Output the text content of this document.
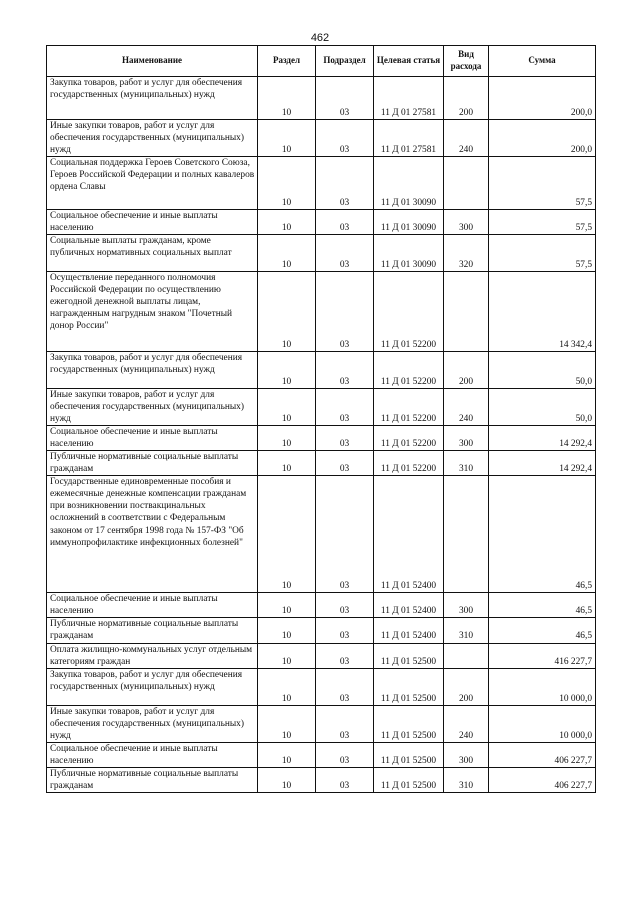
462
Наименование	Раздел	Подраздел	Целевая статья	Вид расхода	Сумма
Закупка товаров, работ и услуг для обеспечения государственных (муниципальных) нужд	10	03	11 Д 01 27581	200	200,0
Иные закупки товаров, работ и услуг для обеспечения государственных (муниципальных) нужд	10	03	11 Д 01 27581	240	200,0
Социальная поддержка Героев Советского Союза, Героев Российской Федерации и полных кавалеров ордена Славы	10	03	11 Д 01 30090		57,5
Социальное обеспечение и иные выплаты населению	10	03	11 Д 01 30090	300	57,5
Социальные выплаты гражданам, кроме публичных нормативных социальных выплат	10	03	11 Д 01 30090	320	57,5
Осуществление переданного полномочия Российской Федерации по осуществлению ежегодной денежной выплаты лицам, награжденным нагрудным знаком "Почетный донор России"	10	03	11 Д 01 52200		14 342,4
Закупка товаров, работ и услуг для обеспечения государственных (муниципальных) нужд	10	03	11 Д 01 52200	200	50,0
Иные закупки товаров, работ и услуг для обеспечения государственных (муниципальных) нужд	10	03	11 Д 01 52200	240	50,0
Социальное обеспечение и иные выплаты населению	10	03	11 Д 01 52200	300	14 292,4
Публичные нормативные социальные выплаты гражданам	10	03	11 Д 01 52200	310	14 292,4
Государственные единовременные пособия и ежемесячные денежные компенсации гражданам при возникновении поствакцинальных осложнений в соответствии с Федеральным законом от 17 сентября 1998 года № 157-ФЗ "Об иммунопрофилактике инфекционных болезней"	10	03	11 Д 01 52400		46,5
Социальное обеспечение и иные выплаты населению	10	03	11 Д 01 52400	300	46,5
Публичные нормативные социальные выплаты гражданам	10	03	11 Д 01 52400	310	46,5
Оплата жилищно-коммунальных услуг отдельным категориям граждан	10	03	11 Д 01 52500		416 227,7
Закупка товаров, работ и услуг для обеспечения государственных (муниципальных) нужд	10	03	11 Д 01 52500	200	10 000,0
Иные закупки товаров, работ и услуг для обеспечения государственных (муниципальных) нужд	10	03	11 Д 01 52500	240	10 000,0
Социальное обеспечение и иные выплаты населению	10	03	11 Д 01 52500	300	406 227,7
Публичные нормативные социальные выплаты гражданам	10	03	11 Д 01 52500	310	406 227,7
